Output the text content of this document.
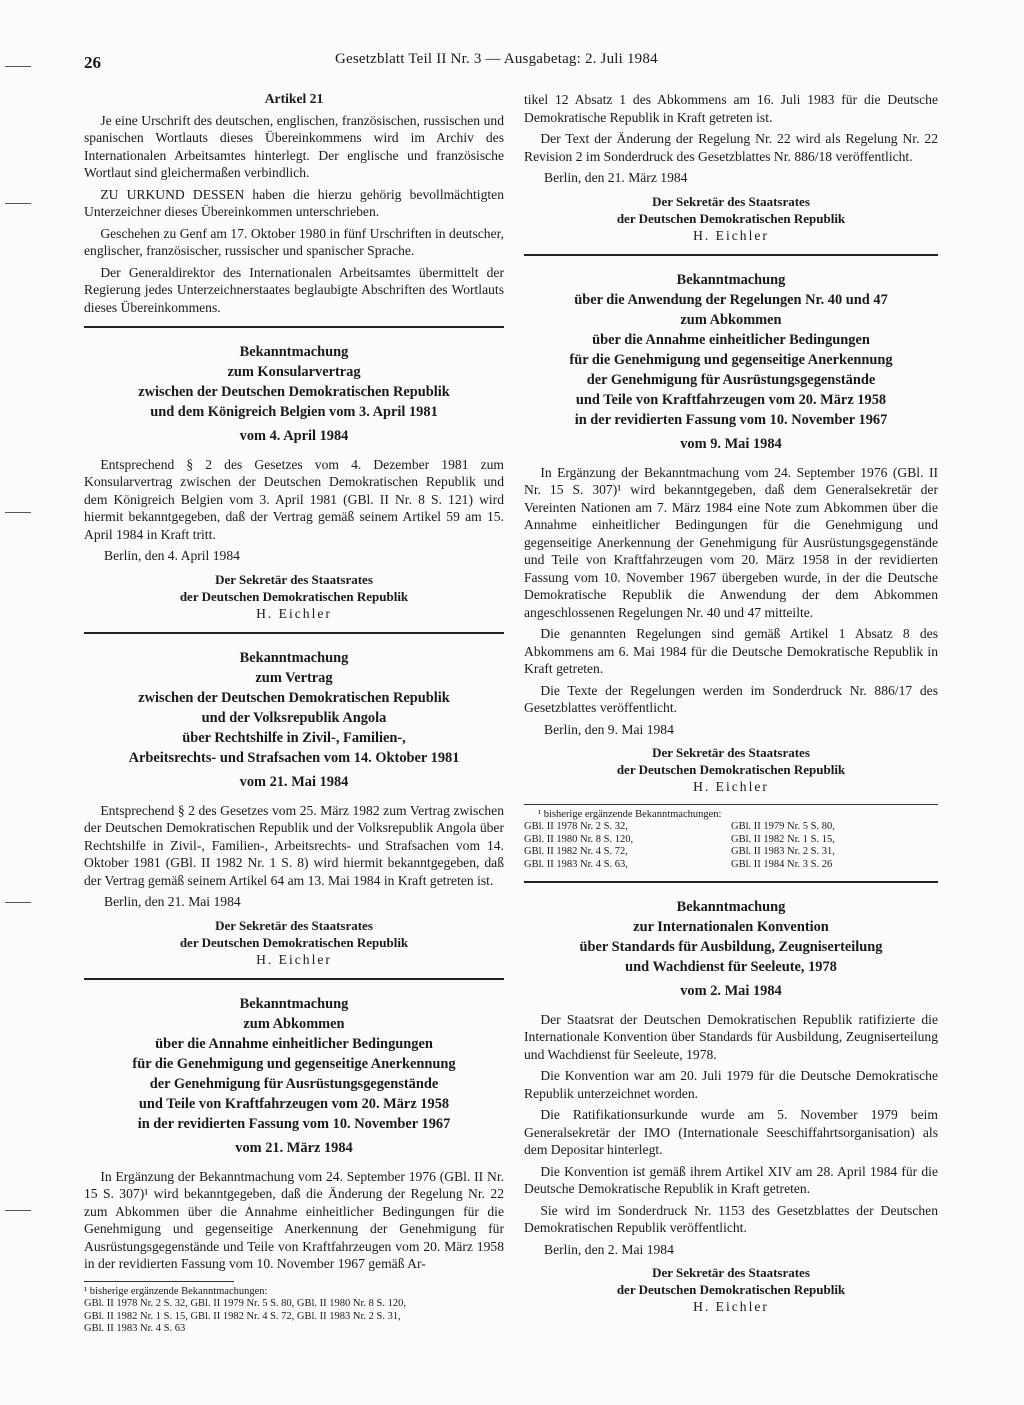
26	Gesetzblatt Teil II Nr. 3 — Ausgabetag: 2. Juli 1984

Artikel 21

Je eine Urschrift des deutschen, englischen, französischen, russischen und spanischen Wortlauts dieses Übereinkommens wird im Archiv des Internationalen Arbeitsamtes hinterlegt. Der englische und französische Wortlaut sind gleichermaßen verbindlich.

ZU URKUND DESSEN haben die hierzu gehörig bevollmächtigten Unterzeichner dieses Übereinkommen unterschrieben.

Geschehen zu Genf am 17. Oktober 1980 in fünf Urschriften in deutscher, englischer, französischer, russischer und spanischer Sprache.

Der Generaldirektor des Internationalen Arbeitsamtes übermittelt der Regierung jedes Unterzeichnerstaates beglaubigte Abschriften des Wortlauts dieses Übereinkommens.

Bekanntmachung

zum Konsularvertrag

zwischen der Deutschen Demokratischen Republik

und dem Königreich Belgien vom 3. April 1981

vom 4. April 1984

Entsprechend § 2 des Gesetzes vom 4. Dezember 1981 zum Konsularvertrag zwischen der Deutschen Demokratischen Republik und dem Königreich Belgien vom 3. April 1981 (GBl. II Nr. 8 S. 121) wird hiermit bekanntgegeben, daß der Vertrag gemäß seinem Artikel 59 am 15. April 1984 in Kraft tritt.

Berlin, den 4. April 1984

Der Sekretär des Staatsrates

der Deutschen Demokratischen Republik

H. Eichler

Bekanntmachung

zum Vertrag

zwischen der Deutschen Demokratischen Republik

und der Volksrepublik Angola

über Rechtshilfe in Zivil-, Familien-,

Arbeitsrechts- und Strafsachen vom 14. Oktober 1981

vom 21. Mai 1984

Entsprechend § 2 des Gesetzes vom 25. März 1982 zum Vertrag zwischen der Deutschen Demokratischen Republik und der Volksrepublik Angola über Rechtshilfe in Zivil-, Familien-, Arbeitsrechts- und Strafsachen vom 14. Oktober 1981 (GBl. II 1982 Nr. 1 S. 8) wird hiermit bekanntgegeben, daß der Vertrag gemäß seinem Artikel 64 am 13. Mai 1984 in Kraft getreten ist.

Berlin, den 21. Mai 1984

Der Sekretär des Staatsrates

der Deutschen Demokratischen Republik

H. Eichler

Bekanntmachung

zum Abkommen

über die Annahme einheitlicher Bedingungen

für die Genehmigung und gegenseitige Anerkennung

der Genehmigung für Ausrüstungsgegenstände

und Teile von Kraftfahrzeugen vom 20. März 1958

in der revidierten Fassung vom 10. November 1967

vom 21. März 1984

In Ergänzung der Bekanntmachung vom 24. September 1976 (GBl. II Nr. 15 S. 307)¹ wird bekanntgegeben, daß die Änderung der Regelung Nr. 22 zum Abkommen über die Annahme einheitlicher Bedingungen für die Genehmigung und gegenseitige Anerkennung der Genehmigung für Ausrüstungsgegenstände und Teile von Kraftfahrzeugen vom 20. März 1958 in der revidierten Fassung vom 10. November 1967 gemäß Ar-

¹ bisherige ergänzende Bekanntmachungen:
GBl. II 1978 Nr. 2 S. 32, GBl. II 1979 Nr. 5 S. 80, GBl. II 1980 Nr. 8 S. 120,
GBl. II 1982 Nr. 1 S. 15, GBl. II 1982 Nr. 4 S. 72, GBl. II 1983 Nr. 2 S. 31,
GBl. II 1983 Nr. 4 S. 63

tikel 12 Absatz 1 des Abkommens am 16. Juli 1983 für die Deutsche Demokratische Republik in Kraft getreten ist.

Der Text der Änderung der Regelung Nr. 22 wird als Regelung Nr. 22 Revision 2 im Sonderdruck des Gesetzblattes Nr. 886/18 veröffentlicht.

Berlin, den 21. März 1984

Der Sekretär des Staatsrates

der Deutschen Demokratischen Republik

H. Eichler

Bekanntmachung

über die Anwendung der Regelungen Nr. 40 und 47

zum Abkommen

über die Annahme einheitlicher Bedingungen

für die Genehmigung und gegenseitige Anerkennung

der Genehmigung für Ausrüstungsgegenstände

und Teile von Kraftfahrzeugen vom 20. März 1958

in der revidierten Fassung vom 10. November 1967

vom 9. Mai 1984

In Ergänzung der Bekanntmachung vom 24. September 1976 (GBl. II Nr. 15 S. 307)¹ wird bekanntgegeben, daß dem Generalsekretär der Vereinten Nationen am 7. März 1984 eine Note zum Abkommen über die Annahme einheitlicher Bedingungen für die Genehmigung und gegenseitige Anerkennung der Genehmigung für Ausrüstungsgegenstände und Teile von Kraftfahrzeugen vom 20. März 1958 in der revidierten Fassung vom 10. November 1967 übergeben wurde, in der die Deutsche Demokratische Republik die Anwendung der dem Abkommen angeschlossenen Regelungen Nr. 40 und 47 mitteilte.

Die genannten Regelungen sind gemäß Artikel 1 Absatz 8 des Abkommens am 6. Mai 1984 für die Deutsche Demokratische Republik in Kraft getreten.

Die Texte der Regelungen werden im Sonderdruck Nr. 886/17 des Gesetzblattes veröffentlicht.

Berlin, den 9. Mai 1984

Der Sekretär des Staatsrates

der Deutschen Demokratischen Republik

H. Eichler

¹ bisherige ergänzende Bekanntmachungen:
GBl. II 1978 Nr. 2 S. 32,	GBl. II 1979 Nr. 5 S. 80,
GBl. II 1980 Nr. 8 S. 120,	GBl. II 1982 Nr. 1 S. 15,
GBl. II 1982 Nr. 4 S. 72,	GBl. II 1983 Nr. 2 S. 31,
GBl. II 1983 Nr. 4 S. 63,	GBl. II 1984 Nr. 3 S. 26

Bekanntmachung

zur Internationalen Konvention

über Standards für Ausbildung, Zeugniserteilung

und Wachdienst für Seeleute, 1978

vom 2. Mai 1984

Der Staatsrat der Deutschen Demokratischen Republik ratifizierte die Internationale Konvention über Standards für Ausbildung, Zeugniserteilung und Wachdienst für Seeleute, 1978.

Die Konvention war am 20. Juli 1979 für die Deutsche Demokratische Republik unterzeichnet worden.

Die Ratifikationsurkunde wurde am 5. November 1979 beim Generalsekretär der IMO (Internationale Seeschiffahrtsorganisation) als dem Depositar hinterlegt.

Die Konvention ist gemäß ihrem Artikel XIV am 28. April 1984 für die Deutsche Demokratische Republik in Kraft getreten.

Sie wird im Sonderdruck Nr. 1153 des Gesetzblattes der Deutschen Demokratischen Republik veröffentlicht.

Berlin, den 2. Mai 1984

Der Sekretär des Staatsrates

der Deutschen Demokratischen Republik

H. Eichler
